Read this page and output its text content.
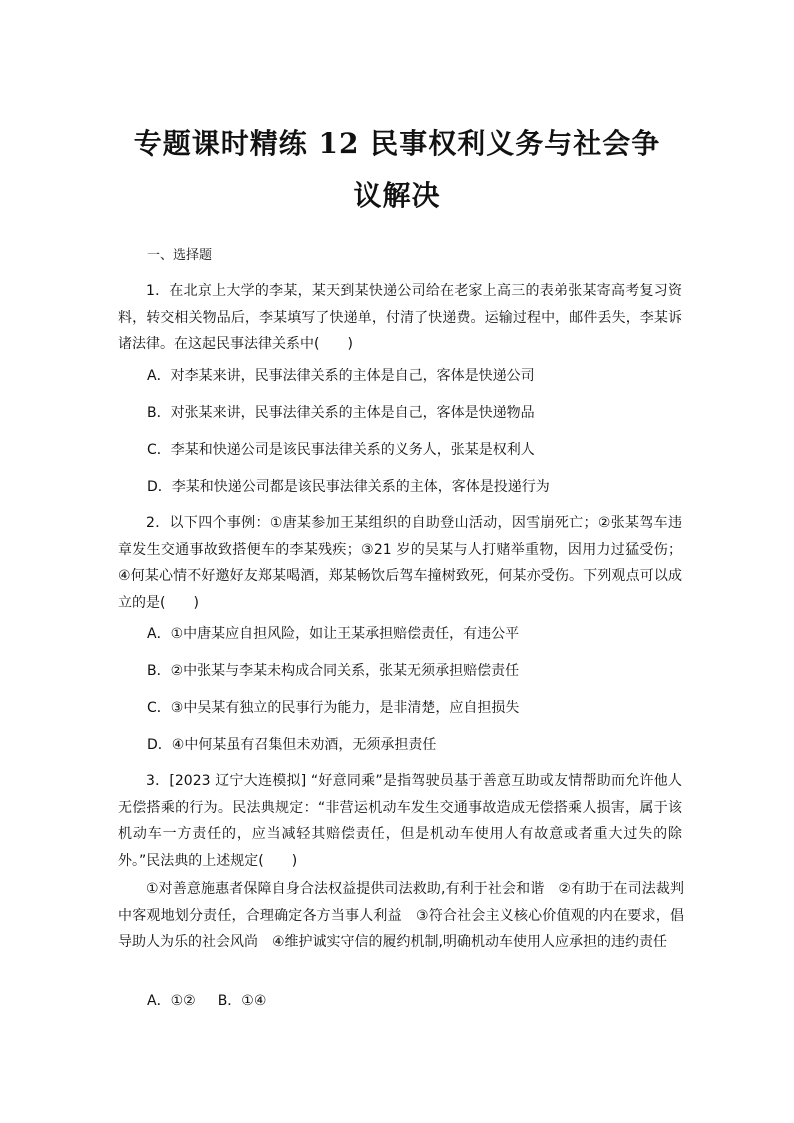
专题课时精练 12 民事权利义务与社会争
议解决
一、选择题
1．在北京上大学的李某，某天到某快递公司给在老家上高三的表弟张某寄高考复习资料，转交相关物品后，李某填写了快递单，付清了快递费。运输过程中，邮件丢失，李某诉诸法律。在这起民事法律关系中(　　)
A．对李某来讲，民事法律关系的主体是自己，客体是快递公司
B．对张某来讲，民事法律关系的主体是自己，客体是快递物品
C．李某和快递公司是该民事法律关系的义务人，张某是权利人
D．李某和快递公司都是该民事法律关系的主体，客体是投递行为
2．以下四个事例：①唐某参加王某组织的自助登山活动，因雪崩死亡；②张某驾车违章发生交通事故致搭便车的李某残疾；③21 岁的吴某与人打赌举重物，因用力过猛受伤；④何某心情不好邀好友郑某喝酒，郑某畅饮后驾车撞树致死，何某亦受伤。下列观点可以成立的是(　　)
A．①中唐某应自担风险，如让王某承担赔偿责任，有违公平
B．②中张某与李某未构成合同关系，张某无须承担赔偿责任
C．③中吴某有独立的民事行为能力，是非清楚，应自担损失
D．④中何某虽有召集但未劝酒，无须承担责任
3．[2023 辽宁大连模拟] “好意同乘”是指驾驶员基于善意互助或友情帮助而允许他人无偿搭乘的行为。民法典规定：“非营运机动车发生交通事故造成无偿搭乘人损害，属于该机动车一方责任的，应当减轻其赔偿责任，但是机动车使用人有故意或者重大过失的除外。”民法典的上述规定(　　)
①对善意施惠者保障自身合法权益提供司法救助,有利于社会和谐　②有助于在司法裁判中客观地划分责任，合理确定各方当事人利益　③符合社会主义核心价值观的内在要求，倡导助人为乐的社会风尚　④维护诚实守信的履约机制,明确机动车使用人应承担的违约责任
A．①② B．①④
